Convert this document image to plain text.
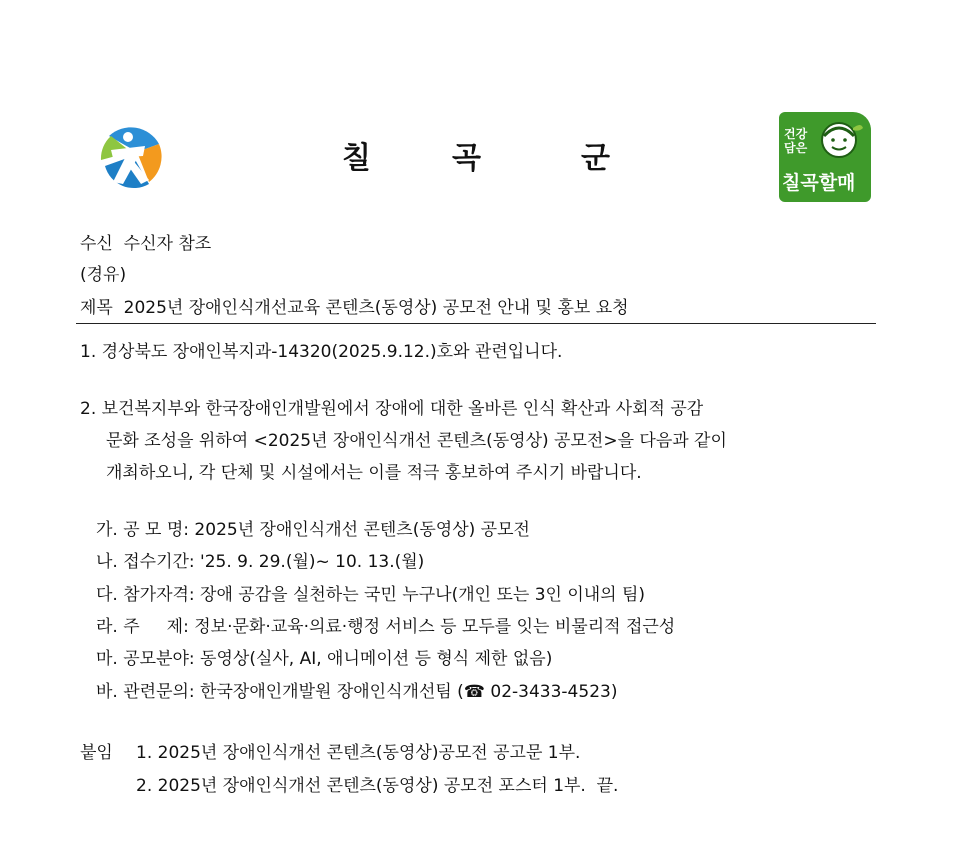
칠	곡	군
건강
담은
칠곡할매
수신  수신자 참조
(경유)
제목  2025년 장애인식개선교육 콘텐츠(동영상) 공모전 안내 및 홍보 요청
1. 경상북도 장애인복지과-14320(2025.9.12.)호와 관련입니다.
2. 보건복지부와 한국장애인개발원에서 장애에 대한 올바른 인식 확산과 사회적 공감
문화 조성을 위하여 <2025년 장애인식개선 콘텐츠(동영상) 공모전>을 다음과 같이
개최하오니, 각 단체 및 시설에서는 이를 적극 홍보하여 주시기 바랍니다.
가. 공 모 명: 2025년 장애인식개선 콘텐츠(동영상) 공모전
나. 접수기간: '25. 9. 29.(월)~ 10. 13.(월)
다. 참가자격: 장애 공감을 실천하는 국민 누구나(개인 또는 3인 이내의 팀)
라. 주     제: 정보·문화·교육·의료·행정 서비스 등 모두를 잇는 비물리적 접근성
마. 공모분야: 동영상(실사, AI, 애니메이션 등 형식 제한 없음)
바. 관련문의: 한국장애인개발원 장애인식개선팀 (☎ 02-3433-4523)
붙임 1. 2025년 장애인식개선 콘텐츠(동영상)공모전 공고문 1부.
2. 2025년 장애인식개선 콘텐츠(동영상) 공모전 포스터 1부.  끝.
